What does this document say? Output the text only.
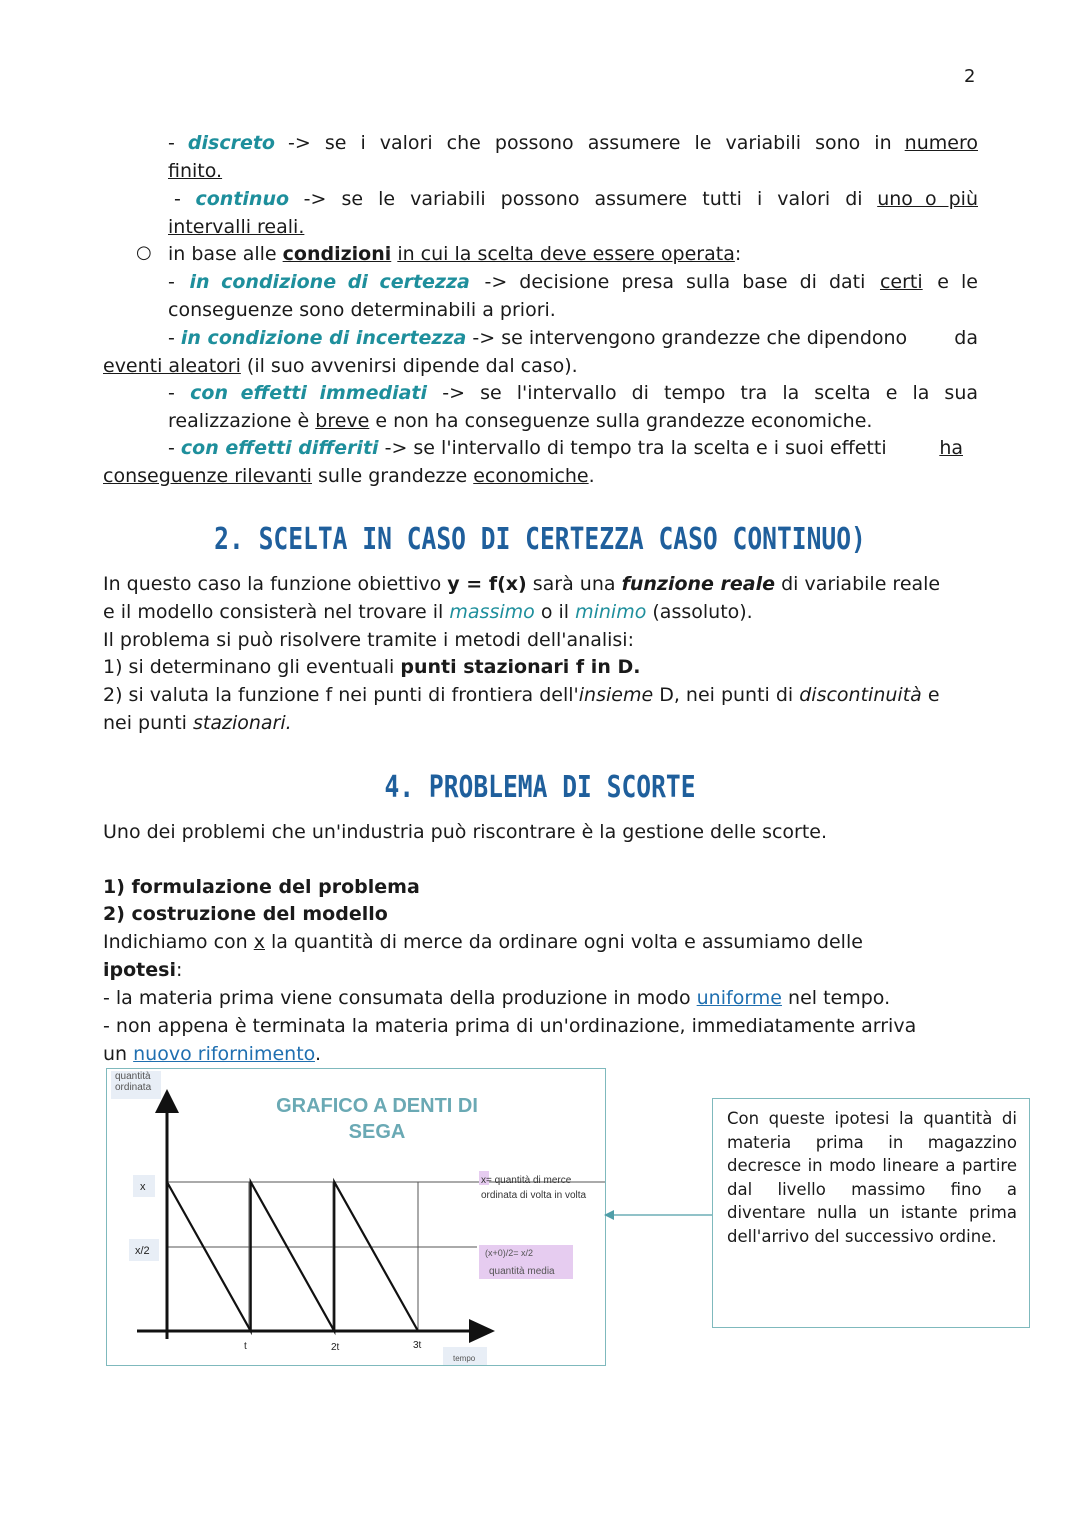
2
- discreto -> se i valori che possono assumere le variabili sono in numero
finito.
- continuo -> se le variabili possono assumere tutti i valori di uno o più
intervalli reali.
○ in base alle condizioni in cui la scelta deve essere operata:
- in condizione di certezza -> decisione presa sulla base di dati certi e le
conseguenze sono determinabili a priori.
- in condizione di incertezza -> se intervengono grandezze che dipendono da
eventi aleatori (il suo avvenirsi dipende dal caso).
- con effetti immediati -> se l'intervallo di tempo tra la scelta e la sua
realizzazione è breve e non ha conseguenze sulla grandezze economiche.
- con effetti differiti -> se l'intervallo di tempo tra la scelta e i suoi effetti	ha
conseguenze rilevanti sulle grandezze economiche.
2. SCELTA IN CASO DI CERTEZZA CASO CONTINUO)
In questo caso la funzione obiettivo y = f(x) sarà una funzione reale di variabile reale
e il modello consisterà nel trovare il massimo o il minimo (assoluto).
Il problema si può risolvere tramite i metodi dell'analisi:
1) si determinano gli eventuali punti stazionari f in D.
2) si valuta la funzione f nei punti di frontiera dell'insieme D, nei punti di discontinuità e
nei punti stazionari.
4. PROBLEMA DI SCORTE
Uno dei problemi che un'industria può riscontrare è la gestione delle scorte.
1) formulazione del problema
2) costruzione del modello
Indichiamo con x la quantità di merce da ordinare ogni volta e assumiamo delle
ipotesi:
- la materia prima viene consumata della produzione in modo uniforme nel tempo.
- non appena è terminata la materia prima di un'ordinazione, immediatamente arriva
un nuovo rifornimento.
quantità
ordinata
GRAFICO A DENTI DI
SEGA
x
x/2
t	2t	3t
tempo
x= quantità di merce
ordinata di volta in volta
(x+0)/2= x/2
quantità media
Con queste ipotesi la quantità di materia prima in magazzino decresce in modo lineare a partire dal livello massimo fino a diventare nulla un istante prima dell'arrivo del successivo ordine.
